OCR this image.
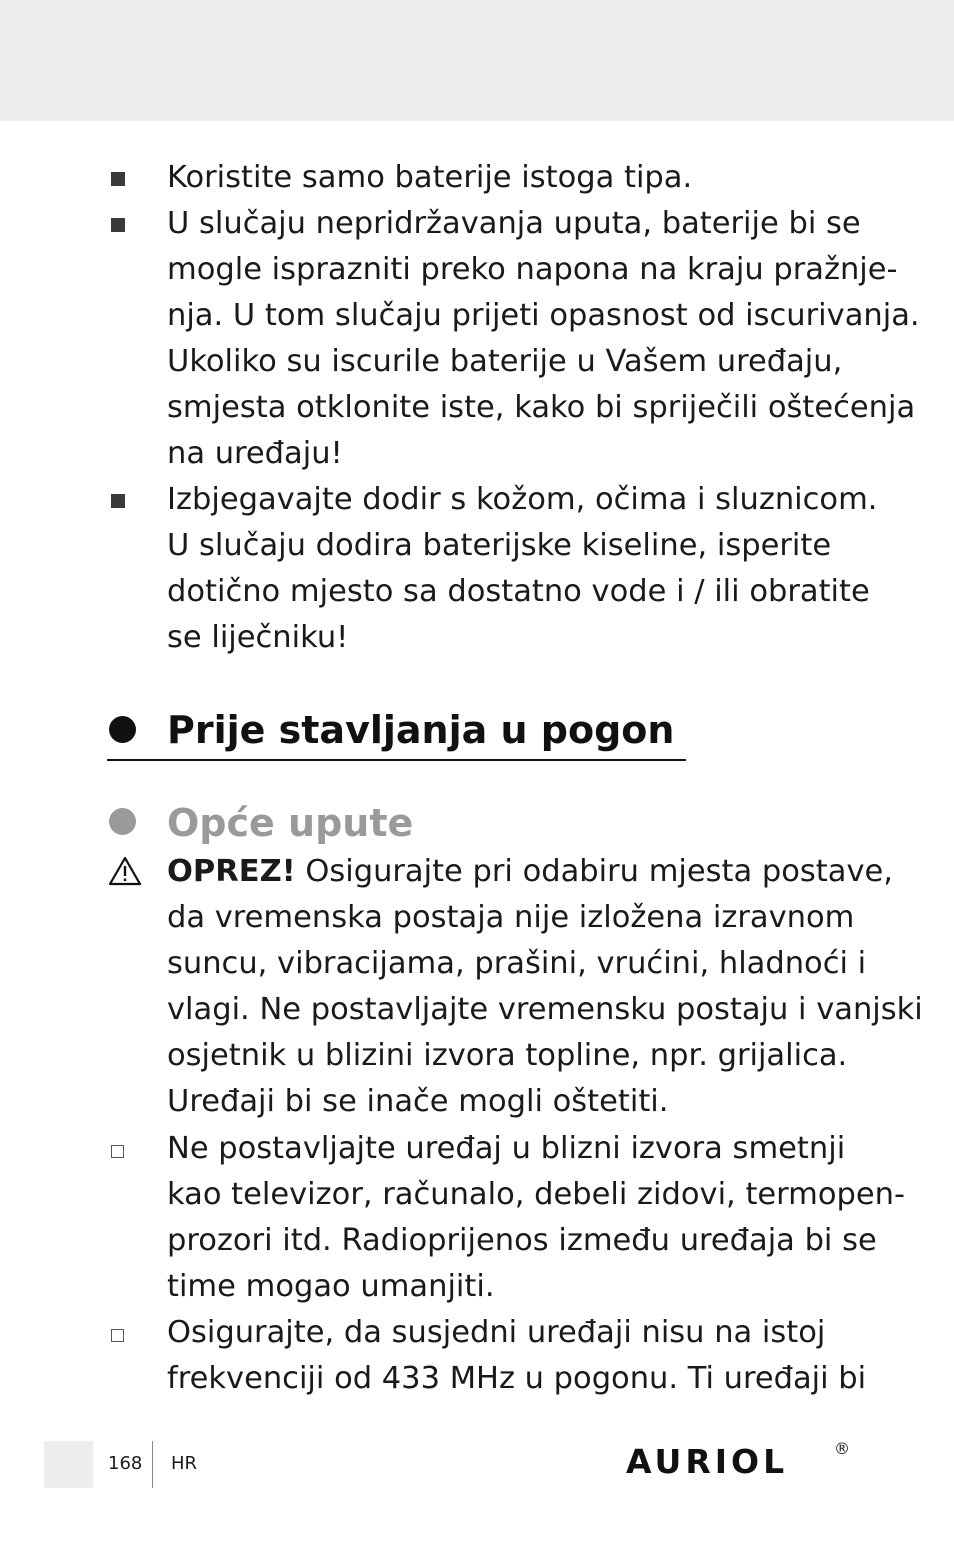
Koristite samo baterije istoga tipa.
U slučaju nepridržavanja uputa, baterije bi se
mogle isprazniti preko napona na kraju pražnje-
nja. U tom slučaju prijeti opasnost od iscurivanja.
Ukoliko su iscurile baterije u Vašem uređaju,
smjesta otklonite iste, kako bi spriječili oštećenja
na uređaju!
Izbjegavajte dodir s kožom, očima i sluznicom.
U slučaju dodira baterijske kiseline, isperite
dotično mjesto sa dostatno vode i / ili obratite
se liječniku!
Prije stavljanja u pogon
Opće upute
OPREZ! Osigurajte pri odabiru mjesta postave,
da vremenska postaja nije izložena izravnom
suncu, vibracijama, prašini, vrućini, hladnoći i
vlagi. Ne postavljajte vremensku postaju i vanjski
osjetnik u blizini izvora topline, npr. grijalica.
Uređaji bi se inače mogli oštetiti.
Ne postavljajte uređaj u blizni izvora smetnji
kao televizor, računalo, debeli zidovi, termopen-
prozori itd. Radioprijenos između uređaja bi se
time mogao umanjiti.
Osigurajte, da susjedni uređaji nisu na istoj
frekvenciji od 433 MHz u pogonu. Ti uređaji bi
168 HR	AURIOL	®
